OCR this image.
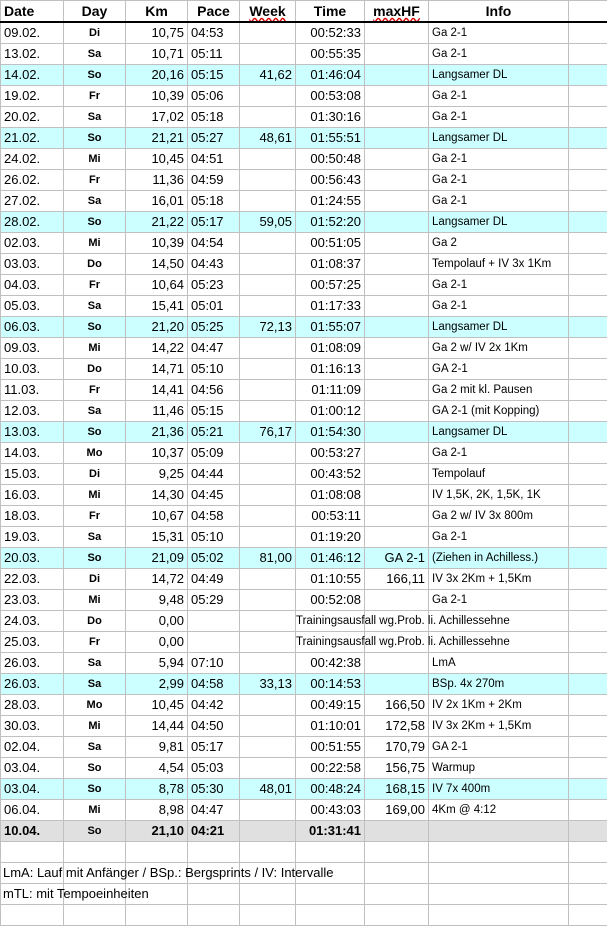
Date	Day	Km	Pace	Week	Time	maxHF	Info	
09.02.	Di	10,75	04:53		00:52:33		Ga 2-1	
13.02.	Sa	10,71	05:11		00:55:35		Ga 2-1	
14.02.	So	20,16	05:15	41,62	01:46:04		Langsamer DL	
19.02.	Fr	10,39	05:06		00:53:08		Ga 2-1	
20.02.	Sa	17,02	05:18		01:30:16		Ga 2-1	
21.02.	So	21,21	05:27	48,61	01:55:51		Langsamer DL	
24.02.	Mi	10,45	04:51		00:50:48		Ga 2-1	
26.02.	Fr	11,36	04:59		00:56:43		Ga 2-1	
27.02.	Sa	16,01	05:18		01:24:55		Ga 2-1	
28.02.	So	21,22	05:17	59,05	01:52:20		Langsamer DL	
02.03.	Mi	10,39	04:54		00:51:05		Ga 2	
03.03.	Do	14,50	04:43		01:08:37		Tempolauf + IV 3x 1Km	
04.03.	Fr	10,64	05:23		00:57:25		Ga 2-1	
05.03.	Sa	15,41	05:01		01:17:33		Ga 2-1	
06.03.	So	21,20	05:25	72,13	01:55:07		Langsamer DL	
09.03.	Mi	14,22	04:47		01:08:09		Ga 2 w/ IV 2x 1Km	
10.03.	Do	14,71	05:10		01:16:13		GA 2-1	
11.03.	Fr	14,41	04:56		01:11:09		Ga 2 mit kl. Pausen	
12.03.	Sa	11,46	05:15		01:00:12		GA 2-1 (mit Kopping)	
13.03.	So	21,36	05:21	76,17	01:54:30		Langsamer DL	
14.03.	Mo	10,37	05:09		00:53:27		Ga 2-1	
15.03.	Di	9,25	04:44		00:43:52		Tempolauf	
16.03.	Mi	14,30	04:45		01:08:08		IV 1,5K, 2K, 1,5K, 1K	
18.03.	Fr	10,67	04:58		00:53:11		Ga 2 w/ IV 3x 800m	
19.03.	Sa	15,31	05:10		01:19:20		Ga 2-1	
20.03.	So	21,09	05:02	81,00	01:46:12	GA 2-1	(Ziehen in Achilless.)	
22.03.	Di	14,72	04:49		01:10:55	166,11	IV 3x 2Km + 1,5Km	
23.03.	Mi	9,48	05:29		00:52:08		Ga 2-1	
24.03.	Do	0,00			Trainingsausfall wg.Prob. li. Achillessehne			

25.03.	Fr	0,00			Trainingsausfall wg.Prob. li. Achillessehne			

26.03.	Sa	5,94	07:10		00:42:38		LmA	
26.03.	Sa	2,99	04:58	33,13	00:14:53		BSp. 4x 270m	
28.03.	Mo	10,45	04:42		00:49:15	166,50	IV 2x 1Km + 2Km	
30.03.	Mi	14,44	04:50		01:10:01	172,58	IV 3x 2Km + 1,5Km	
02.04.	Sa	9,81	05:17		00:51:55	170,79	GA 2-1	
03.04.	So	4,54	05:03		00:22:58	156,75	Warmup	
03.04.	So	8,78	05:30	48,01	00:48:24	168,15	IV 7x 400m	
06.04.	Mi	8,98	04:47		00:43:03	169,00	4Km @ 4:12	
10.04.	So	21,10	04:21		01:31:41			

LmA: Lauf mit Anfänger / BSp.: Bergsprints / IV: Intervalle								

mTL: mit Tempoeinheiten								
